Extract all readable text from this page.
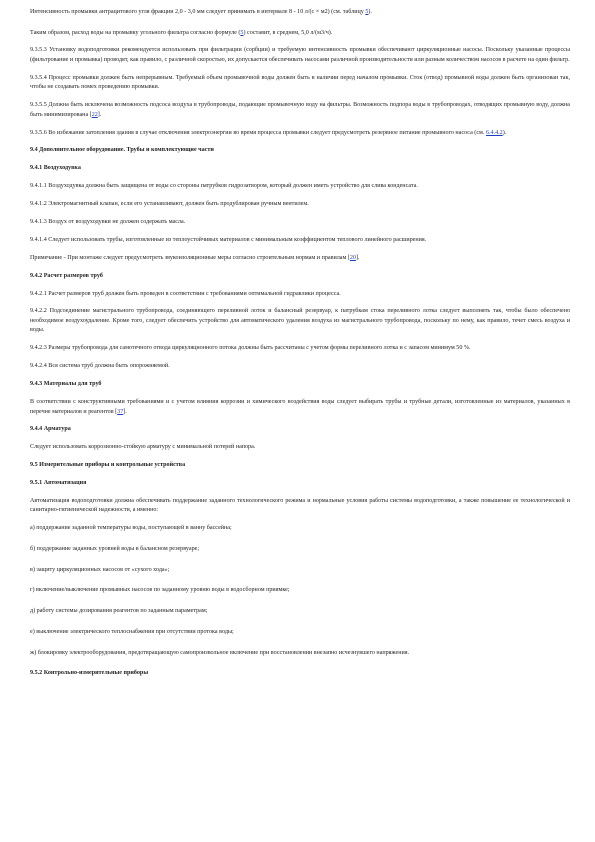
Интенсивность промывки антрацитового угля фракции 2,0 - 3,0 мм следует принимать в интервале 8 - 10 л/(с × м2) (см. таблицу 5).

Таким образом, расход воды на промывку угольного фильтра согласно формуле (5) составит, в среднем, 5,0 л/(м3/ч).

9.3.5.3 Установку водоподготовки рекомендуется использовать при фильтрации (сорбции) и требуемую интенсивность промывки обеспечивают циркуляционные насосы. Поскольку указанные процессы (фильтрование и промывка) проводят, как правило, с различной скоростью, их допускается обеспечивать насосами различной производительности или разным количеством насосов в расчете на один фильтр.

9.3.5.4 Процесс промывки должен быть непрерывным. Требуемый объем промывочной воды должен быть в наличии перед началом промывки. Сток (отвод) промывной воды должен быть организован так, чтобы не создавать помех проведению промывки.

9.3.5.5 Должна быть исключена возможность подсоса воздуха в трубопроводы, подающие промывочную воду на фильтры. Возможность подпора воды в трубопроводах, отводящих промывную воду, должна быть минимизирована [22].

9.3.5.6 Во избежание затопления здания в случае отключения электроэнергии во время процесса промывки следует предусмотреть резервное питание промывного насоса (см. 6.4.4.2).

9.4 Дополнительное оборудование. Трубы и комплектующие части

9.4.1 Воздуходувка

9.4.1.1 Воздуходувка должна быть защищена от воды со стороны патрубков гидрозатвором, который должен иметь устройство для слива конденсата.

9.4.1.2 Электромагнитный клапан, если его устанавливают, должен быть продублирован ручным вентилем.

9.4.1.3 Воздух от воздуходувки не должен содержать масла.

9.4.1.4 Следует использовать трубы, изготовленные из теплоустойчивых материалов с минимальным коэффициентом теплового линейного расширения.

Примечание - При монтаже следует предусмотреть звукоизоляционные меры согласно строительным нормам и правилам [20].

9.4.2 Расчет размеров труб

9.4.2.1 Расчет размеров труб должен быть проведен в соответствии с требованиями оптимальной гидравлики процесса.

9.4.2.2 Подсоединение магистрального трубопровода, соединяющего переливной лоток и балансный резервуар, к патрубкам стока переливного лотка следует выполнять так, чтобы было обеспечено необходимое воздухоудаление. Кроме того, следует обеспечить устройство для автоматического удаления воздуха из магистрального трубопровода, поскольку по нему, как правило, течет смесь воздуха и воды.

9.4.2.3 Размеры трубопровода для самотечного отвода циркуляционного потока должны быть рассчитаны с учетом формы переливного лотка и с запасом минимум 50 %.

9.4.2.4 Вся система труб должна быть опорожняемой.

9.4.3 Материалы для труб

В соответствии с конструктивными требованиями и с учетом влияния коррозии и химического воздействия воды следует выбирать трубы и трубные детали, изготовленные из материалов, указанных в перечне материалов и реагентов [37].

9.4.4 Арматура

Следует использовать коррозионно-стойкую арматуру с минимальной потерей напора.

9.5 Измерительные приборы и контрольные устройства

9.5.1 Автоматизация

Автоматизация водоподготовки должна обеспечивать поддержание заданного технологического режима и нормальные условия работы системы водоподготовки, а также повышение ее технологической и санитарно-гигиенической надежности, а именно:

а) поддержание заданной температуры воды, поступающей в ванну бассейна;
б) поддержание заданных уровней воды в балансном резервуаре;
в) защиту циркуляционных насосов от «сухого хода»;
г) включение/выключение промывных насосов по заданному уровню воды в водосборном приямке;
д) работу системы дозирования реагентов по заданным параметрам;
е) выключение электрического теплоснабжения при отсутствии протока воды;
ж) блокировку электрооборудования, предотвращающую самопроизвольное включение при восстановлении внезапно исчезнувшего напряжения.

9.5.2 Контрольно-измерительные приборы
